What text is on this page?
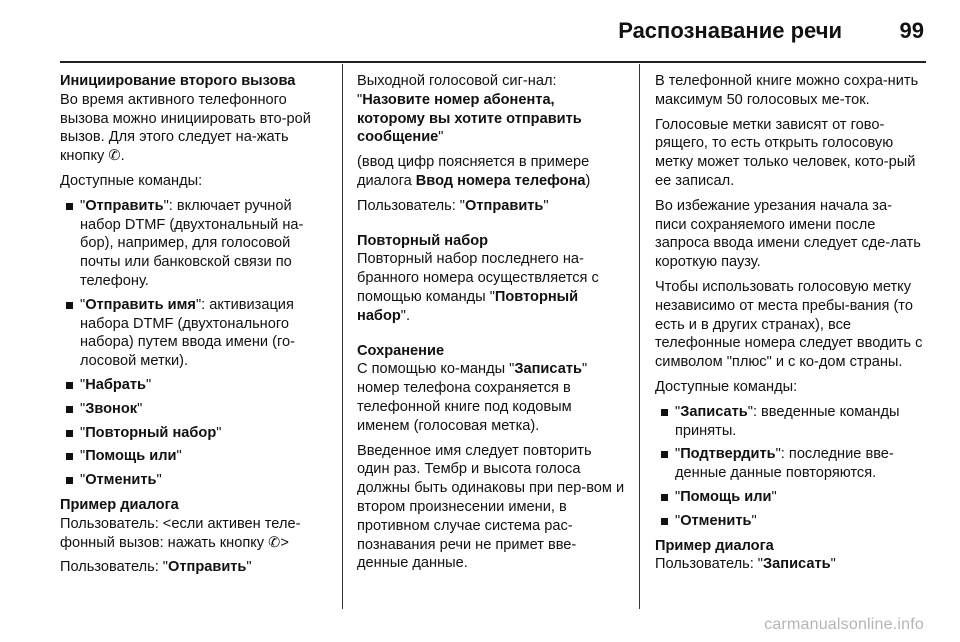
Распознавание речи	99

Инициирование второго вызова
Во время активного телефонного вызова можно инициировать вто-рой вызов. Для этого следует на-жать кнопку ✆.

Доступные команды:

"Отправить": включает ручной набор DTMF (двухтональный на-бор), например, для голосовой почты или банковской связи по телефону.
"Отправить имя": активизация набора DTMF (двухтонального набора) путем ввода имени (го-лосовой метки).
"Набрать"
"Звонок"
"Повторный набор"
"Помощь или"
"Отменить"

Пример диалога
Пользователь: <если активен теле-фонный вызов: нажать кнопку ✆>

Пользователь: "Отправить"

Выходной голосовой сиг-нал: "Назовите номер абонента, которому вы хотите отправить сообщение"

(ввод цифр поясняется в примере диалога Ввод номера телефона)

Пользователь: "Отправить"

Повторный набор
Повторный набор последнего на-бранного номера осуществляется с помощью команды "Повторный набор".

Сохранение
С помощью ко-манды "Записать" номер телефона сохраняется в телефонной книге под кодовым именем (голосовая метка).

Введенное имя следует повторить один раз. Тембр и высота голоса должны быть одинаковы при пер-вом и втором произнесении имени, в противном случае система рас-познавания речи не примет вве-денные данные.

В телефонной книге можно сохра-нить максимум 50 голосовых ме-ток.

Голосовые метки зависят от гово-рящего, то есть открыть голосовую метку может только человек, кото-рый ее записал.

Во избежание урезания начала за-писи сохраняемого имени после запроса ввода имени следует сде-лать короткую паузу.

Чтобы использовать голосовую метку независимо от места пребы-вания (то есть и в других странах), все телефонные номера следует вводить с символом "плюс" и с ко-дом страны.

Доступные команды:

"Записать": введенные команды приняты.
"Подтвердить": последние вве-денные данные повторяются.
"Помощь или"
"Отменить"

Пример диалога
Пользователь: "Записать"

carmanualsonline.info
